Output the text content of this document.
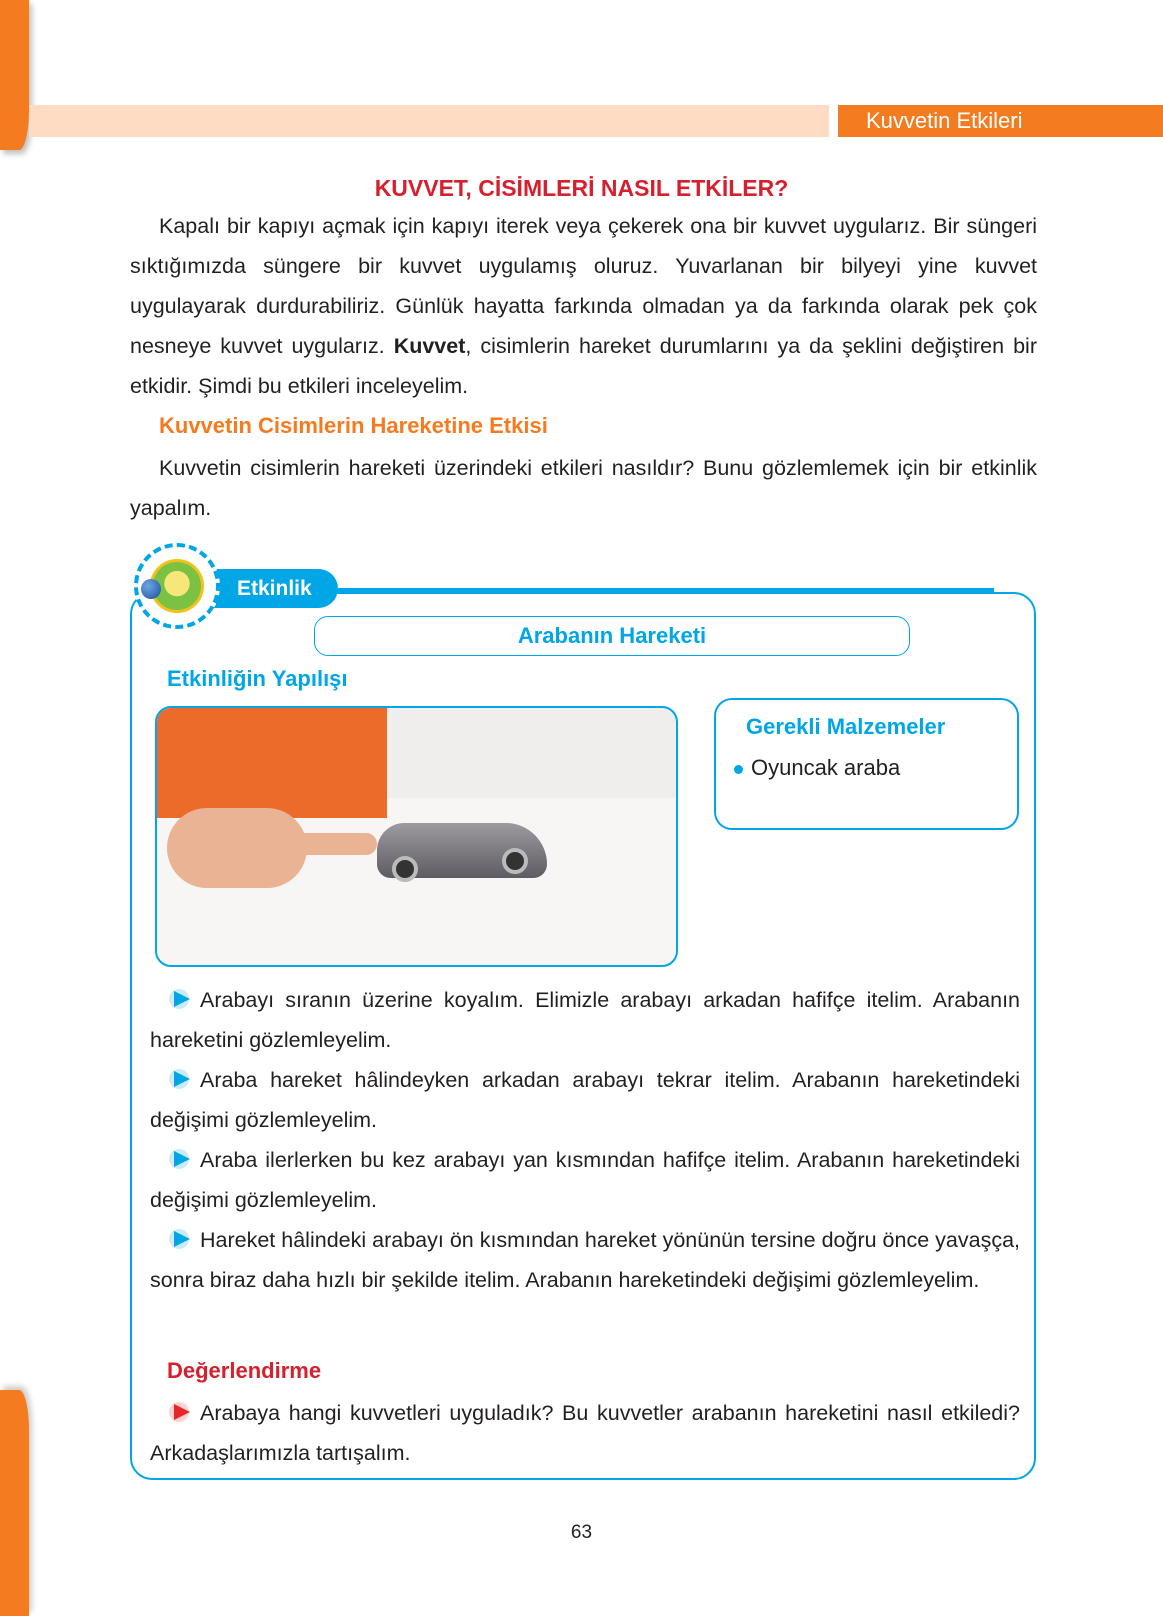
Kuvvetin Etkileri
KUVVET, CİSİMLERİ NASIL ETKİLER?

Kapalı bir kapıyı açmak için kapıyı iterek veya çekerek ona bir kuvvet uygularız. Bir süngeri sıktığımızda süngere bir kuvvet uygulamış oluruz. Yuvarlanan bir bilyeyi yine kuvvet uygulayarak durdurabiliriz. Günlük hayatta farkında olmadan ya da farkında olarak pek çok nesneye kuvvet uygularız. Kuvvet, cisimlerin hareket durumlarını ya da şeklini değiştiren bir etkidir. Şimdi bu etkileri inceleyelim.

Kuvvetin Cisimlerin Hareketine Etkisi

Kuvvetin cisimlerin hareketi üzerindeki etkileri nasıldır? Bunu gözlemlemek için bir etkinlik yapalım.

Etkinlik
Arabanın Hareketi
Etkinliğin Yapılışı
Gerekli Malzemeler
Oyuncak araba

Arabayı sıranın üzerine koyalım. Elimizle arabayı arkadan hafifçe itelim. Arabanın hareketini gözlemleyelim.

Araba hareket hâlindeyken arkadan arabayı tekrar itelim. Arabanın hareketindeki değişimi gözlemleyelim.

Araba ilerlerken bu kez arabayı yan kısmından hafifçe itelim. Arabanın hareketindeki değişimi gözlemleyelim.

Hareket hâlindeki arabayı ön kısmından hareket yönünün tersine doğru önce yavaşça, sonra biraz daha hızlı bir şekilde itelim. Arabanın hareketindeki değişimi gözlemleyelim.

Değerlendirme
Arabaya hangi kuvvetleri uyguladık? Bu kuvvetler arabanın hareketini nasıl etkiledi? Arkadaşlarımızla tartışalım.
63
